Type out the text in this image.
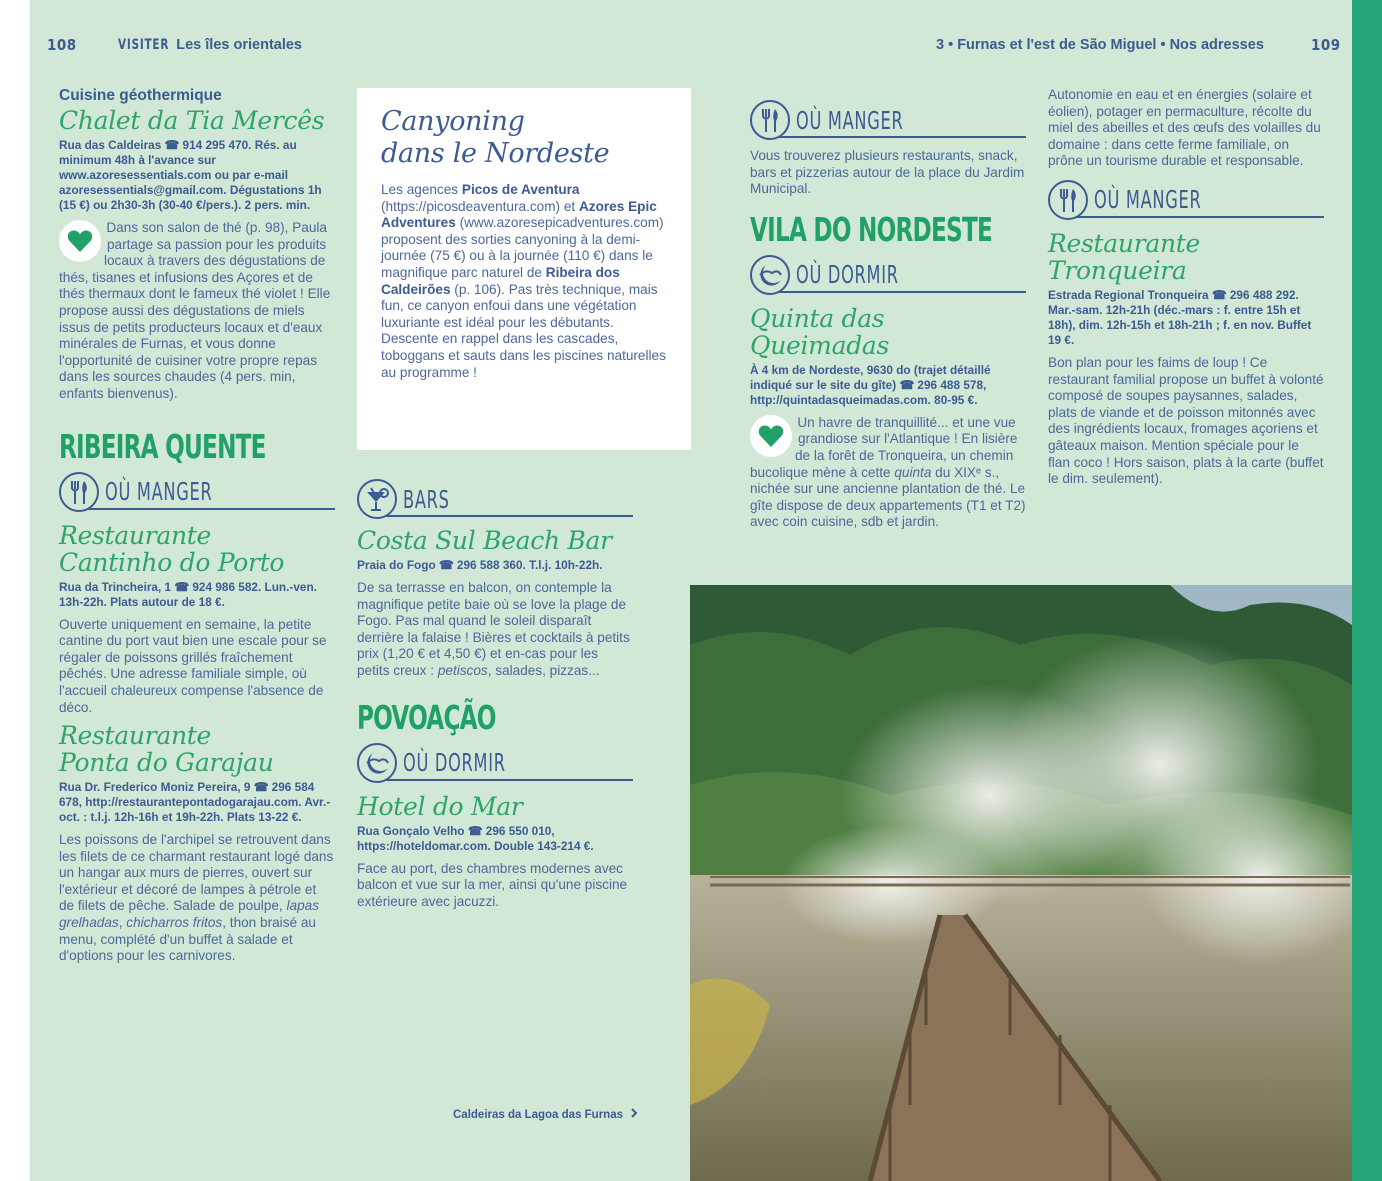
108	VISITER Les îles orientales	3 • Furnas et l'est de São Miguel • Nos adresses	109
Cuisine géothermique
Chalet da Tia Mercês
Rua das Caldeiras ☎ 914 295 470. Rés. au minimum 48h à l'avance sur www.azoresessentials.com ou par e-mail azoresessentials@gmail.com. Dégustations 1h (15 €) ou 2h30-3h (30-40 €/pers.). 2 pers. min.
Dans son salon de thé (p. 98), Paula partage sa passion pour les produits locaux à travers des dégustations de thés, tisanes et infusions des Açores et de thés thermaux dont le fameux thé violet ! Elle propose aussi des dégustations de miels issus de petits producteurs locaux et d'eaux minérales de Furnas, et vous donne l'opportunité de cuisiner votre propre repas dans les sources chaudes (4 pers. min, enfants bienvenus).
RIBEIRA QUENTE
OÙ MANGER
Restaurante
Cantinho do Porto
Rua da Trincheira, 1 ☎ 924 986 582. Lun.-ven. 13h-22h. Plats autour de 18 €.
Ouverte uniquement en semaine, la petite cantine du port vaut bien une escale pour se régaler de poissons grillés fraîchement pêchés. Une adresse familiale simple, où l'accueil chaleureux compense l'absence de déco.
Restaurante
Ponta do Garajau
Rua Dr. Frederico Moniz Pereira, 9 ☎ 296 584 678, http://restaurantepontadogarajau.com. Avr.-oct. : t.l.j. 12h-16h et 19h-22h. Plats 13-22 €.
Les poissons de l'archipel se retrouvent dans les filets de ce charmant restaurant logé dans un hangar aux murs de pierres, ouvert sur l'extérieur et décoré de lampes à pétrole et de filets de pêche. Salade de poulpe, lapas grelhadas, chicharros fritos, thon braisé au menu, complété d'un buffet à salade et d'options pour les carnivores.
Canyoning
dans le Nordeste
Les agences Picos de Aventura (https://picosdeaventura.com) et Azores Epic Adventures (www.azoresepicadventures.com) proposent des sorties canyoning à la demi-journée (75 €) ou à la journée (110 €) dans le magnifique parc naturel de Ribeira dos Caldeirões (p. 106). Pas très technique, mais fun, ce canyon enfoui dans une végétation luxuriante est idéal pour les débutants. Descente en rappel dans les cascades, toboggans et sauts dans les piscines naturelles au programme !
BARS
Costa Sul Beach Bar
Praia do Fogo ☎ 296 588 360. T.l.j. 10h-22h.
De sa terrasse en balcon, on contemple la magnifique petite baie où se love la plage de Fogo. Pas mal quand le soleil disparaît derrière la falaise ! Bières et cocktails à petits prix (1,20 € et 4,50 €) et en-cas pour les petits creux : petiscos, salades, pizzas...
POVOAÇÃO
OÙ DORMIR
Hotel do Mar
Rua Gonçalo Velho ☎ 296 550 010, https://hoteldomar.com. Double 143-214 €.
Face au port, des chambres modernes avec balcon et vue sur la mer, ainsi qu'une piscine extérieure avec jacuzzi.
OÙ MANGER
Vous trouverez plusieurs restaurants, snack, bars et pizzerias autour de la place du Jardim Municipal.
VILA DO NORDESTE
OÙ DORMIR
Quinta das Queimadas
À 4 km de Nordeste, 9630 do (trajet détaillé indiqué sur le site du gîte) ☎ 296 488 578, http://quintadasqueimadas.com. 80-95 €.
Un havre de tranquillité... et une vue grandiose sur l'Atlantique ! En lisière de la forêt de Tronqueira, un chemin bucolique mène à cette quinta du XIXᵉ s., nichée sur une ancienne plantation de thé. Le gîte dispose de deux appartements (T1 et T2) avec coin cuisine, sdb et jardin.
Autonomie en eau et en énergies (solaire et éolien), potager en permaculture, récolte du miel des abeilles et des œufs des volailles du domaine : dans cette ferme familiale, on prône un tourisme durable et responsable.
OÙ MANGER
Restaurante Tronqueira
Estrada Regional Tronqueira ☎ 296 488 292. Mar.-sam. 12h-21h (déc.-mars : f. entre 15h et 18h), dim. 12h-15h et 18h-21h ; f. en nov. Buffet 19 €.
Bon plan pour les faims de loup ! Ce restaurant familial propose un buffet à volonté composé de soupes paysannes, salades, plats de viande et de poisson mitonnés avec des ingrédients locaux, fromages açoriens et gâteaux maison. Mention spéciale pour le flan coco ! Hors saison, plats à la carte (buffet le dim. seulement).
Caldeiras da Lagoa das Furnas
